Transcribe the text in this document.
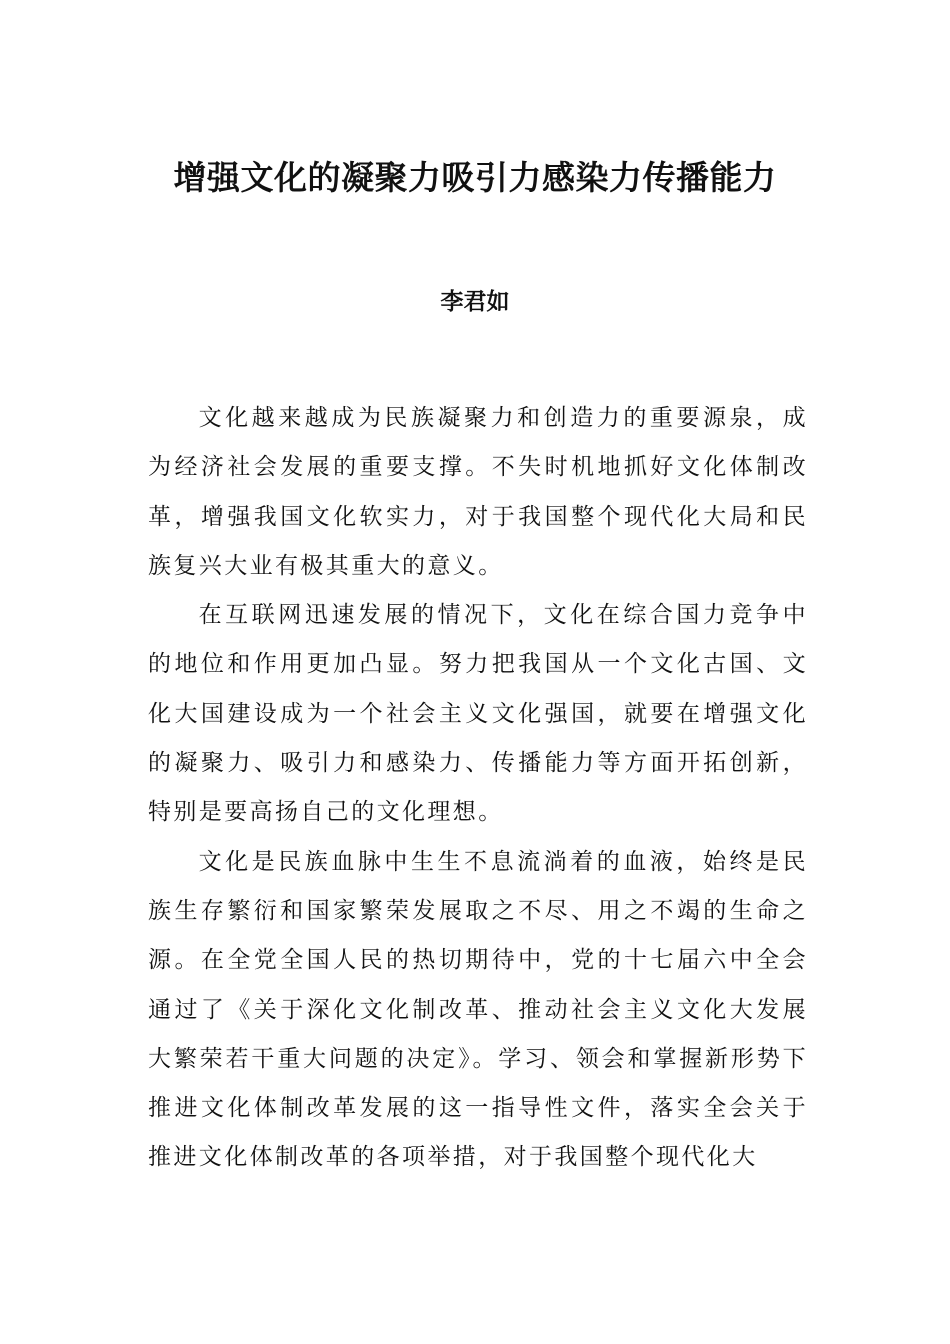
增强文化的凝聚力吸引力感染力传播能力
李君如

文化越来越成为民族凝聚力和创造力的重要源泉，成为经济社会发展的重要支撑。不失时机地抓好文化体制改革，增强我国文化软实力，对于我国整个现代化大局和民族复兴大业有极其重大的意义。

在互联网迅速发展的情况下，文化在综合国力竞争中的地位和作用更加凸显。努力把我国从一个文化古国、文化大国建设成为一个社会主义文化强国，就要在增强文化的凝聚力、吸引力和感染力、传播能力等方面开拓创新，特别是要高扬自己的文化理想。

文化是民族血脉中生生不息流淌着的血液，始终是民族生存繁衍和国家繁荣发展取之不尽、用之不竭的生命之源。在全党全国人民的热切期待中，党的十七届六中全会通过了《关于深化文化制改革、推动社会主义文化大发展大繁荣若干重大问题的决定》。学习、领会和掌握新形势下推进文化体制改革发展的这一指导性文件，落实全会关于推进文化体制改革的各项举措，对于我国整个现代化大
